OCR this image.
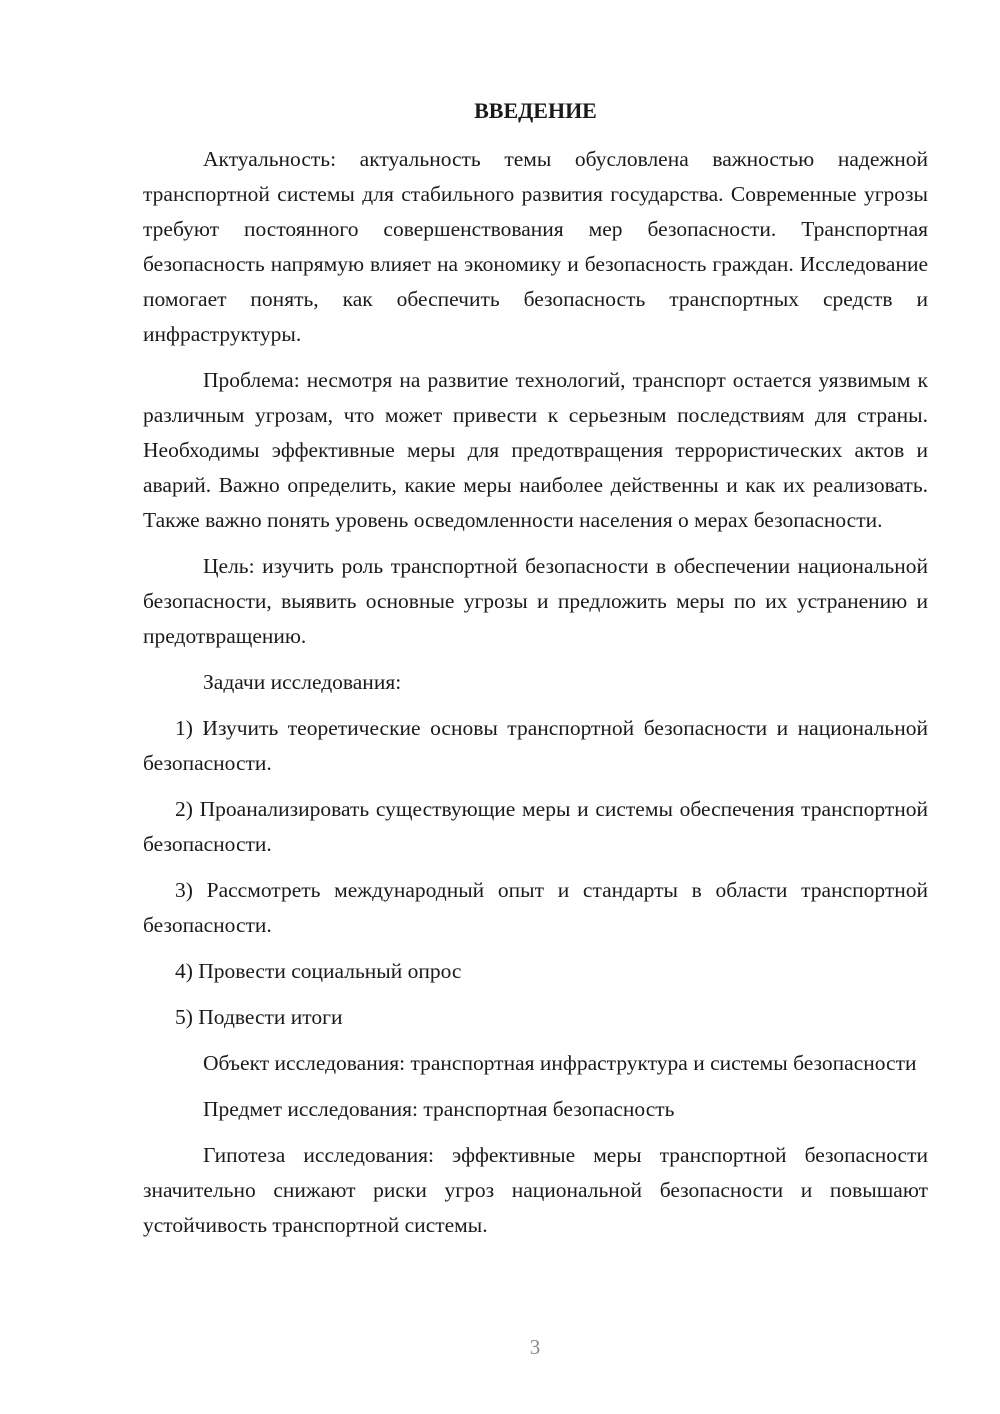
ВВЕДЕНИЕ

Актуальность: актуальность темы обусловлена важностью надежной транспортной системы для стабильного развития государства. Современные угрозы требуют постоянного совершенствования мер безопасности. Транспортная безопасность напрямую влияет на экономику и безопасность граждан. Исследование помогает понять, как обеспечить безопасность транспортных средств и инфраструктуры.

Проблема: несмотря на развитие технологий, транспорт остается уязвимым к различным угрозам, что может привести к серьезным последствиям для страны. Необходимы эффективные меры для предотвращения террористических актов и аварий. Важно определить, какие меры наиболее действенны и как их реализовать. Также важно понять уровень осведомленности населения о мерах безопасности.

Цель: изучить роль транспортной безопасности в обеспечении национальной безопасности, выявить основные угрозы и предложить меры по их устранению и предотвращению.

Задачи исследования:

1) Изучить теоретические основы транспортной безопасности и национальной безопасности.

2) Проанализировать существующие меры и системы обеспечения транспортной безопасности.

3) Рассмотреть международный опыт и стандарты в области транспортной безопасности.

4) Провести социальный опрос

5) Подвести итоги

Объект исследования: транспортная инфраструктура и системы безопасности

Предмет исследования: транспортная безопасность

Гипотеза исследования: эффективные меры транспортной безопасности значительно снижают риски угроз национальной безопасности и повышают устойчивость транспортной системы.

3
